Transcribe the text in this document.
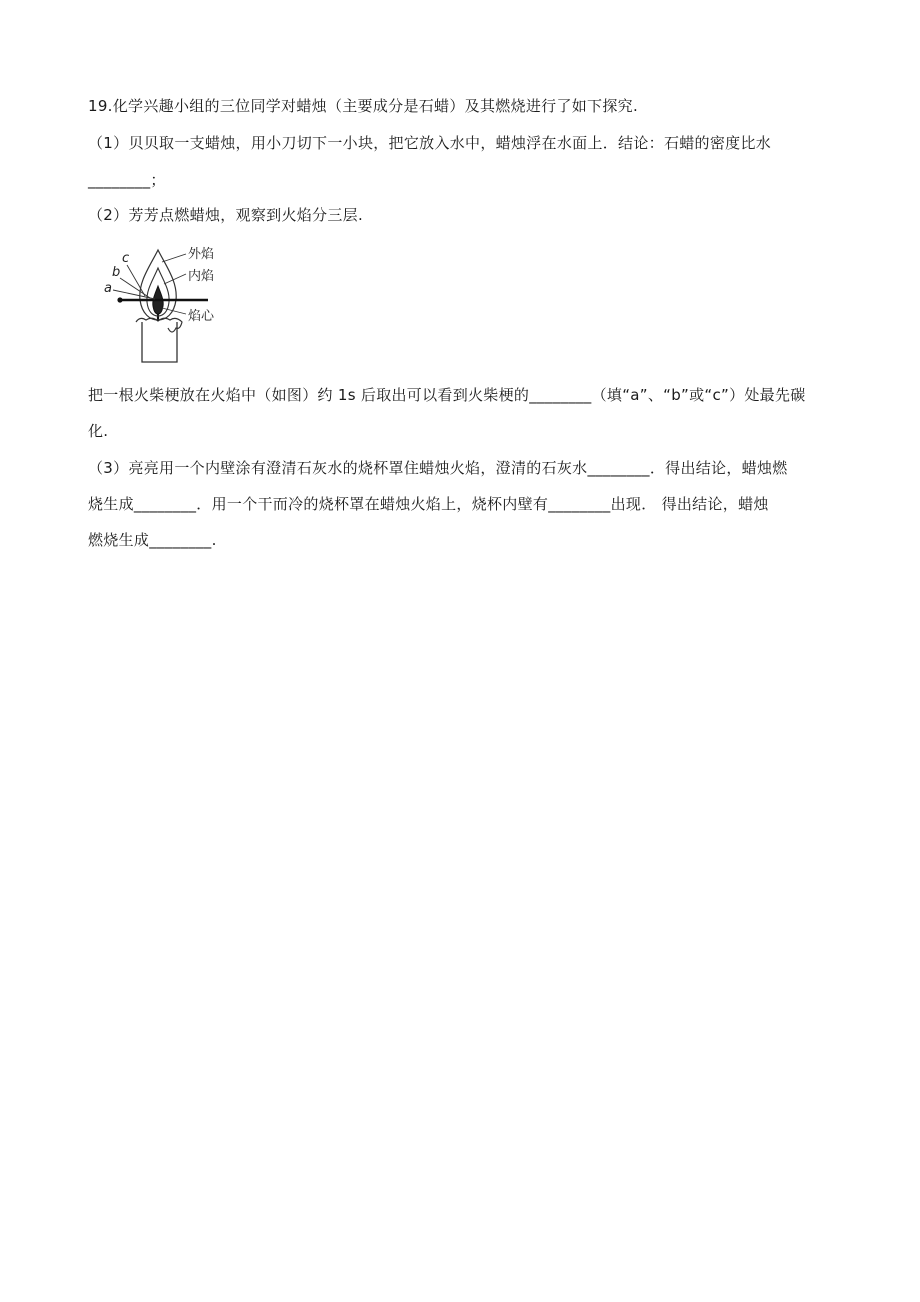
19.化学兴趣小组的三位同学对蜡烛（主要成分是石蜡）及其燃烧进行了如下探究.
（1）贝贝取一支蜡烛，用小刀切下一小块，把它放入水中，蜡烛浮在水面上．结论：石蜡的密度比水
________；
（2）芳芳点燃蜡烛，观察到火焰分三层.
c
b
a
外焰
内焰
焰心
把一根火柴梗放在火焰中（如图）约 1s 后取出可以看到火柴梗的________（填“a”、“b”或“c”）处最先碳
化.
（3）亮亮用一个内壁涂有澄清石灰水的烧杯罩住蜡烛火焰，澄清的石灰水________．得出结论，蜡烛燃
烧生成________．用一个干而冷的烧杯罩在蜡烛火焰上，烧杯内壁有________出现． 得出结论，蜡烛
燃烧生成________.
